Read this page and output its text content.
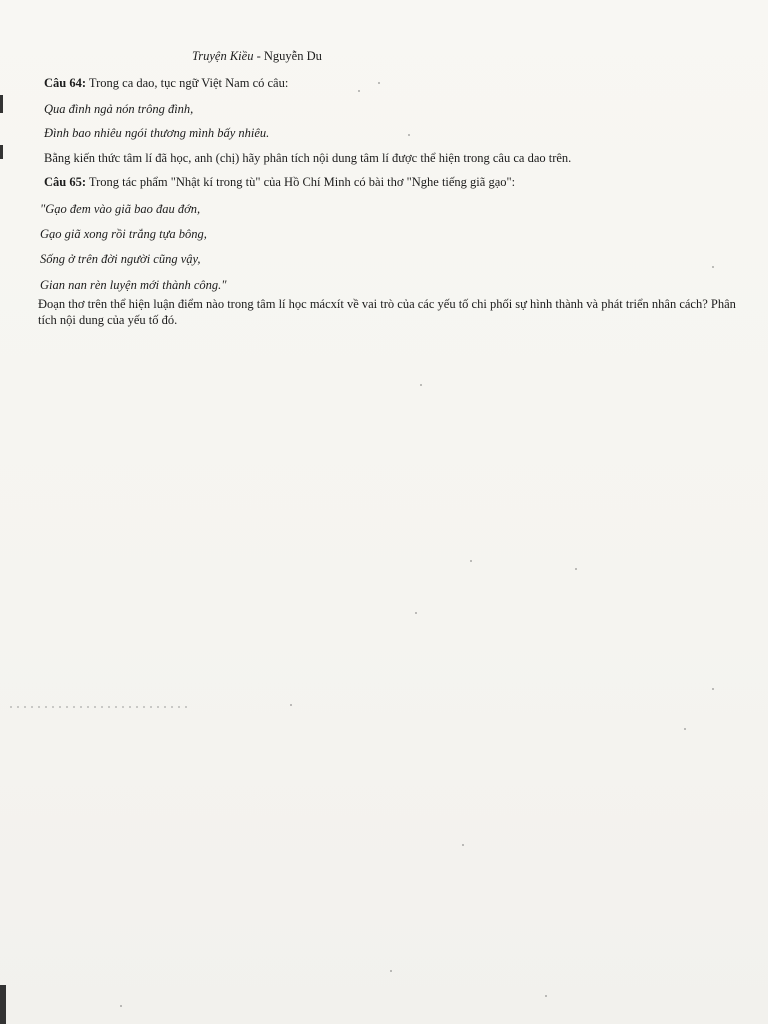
Truyện Kiều - Nguyễn Du
Câu 64: Trong ca dao, tục ngữ Việt Nam có câu:
Qua đình ngả nón trông đình,
Đình bao nhiêu ngói thương mình bấy nhiêu.
Bằng kiến thức tâm lí đã học, anh (chị) hãy phân tích nội dung tâm lí được thể hiện trong câu ca dao trên.
Câu 65: Trong tác phẩm "Nhật kí trong tù" của Hồ Chí Minh có bài thơ "Nghe tiếng giã gạo":
"Gạo đem vào giã bao đau đớn,
Gạo giã xong rồi trắng tựa bông,
Sống ở trên đời người cũng vậy,
Gian nan rèn luyện mới thành công."
Đoạn thơ trên thể hiện luận điểm nào trong tâm lí học mácxít về vai trò của các yếu tố chi phối sự hình thành và phát triển nhân cách? Phân tích nội dung của yếu tố đó.
